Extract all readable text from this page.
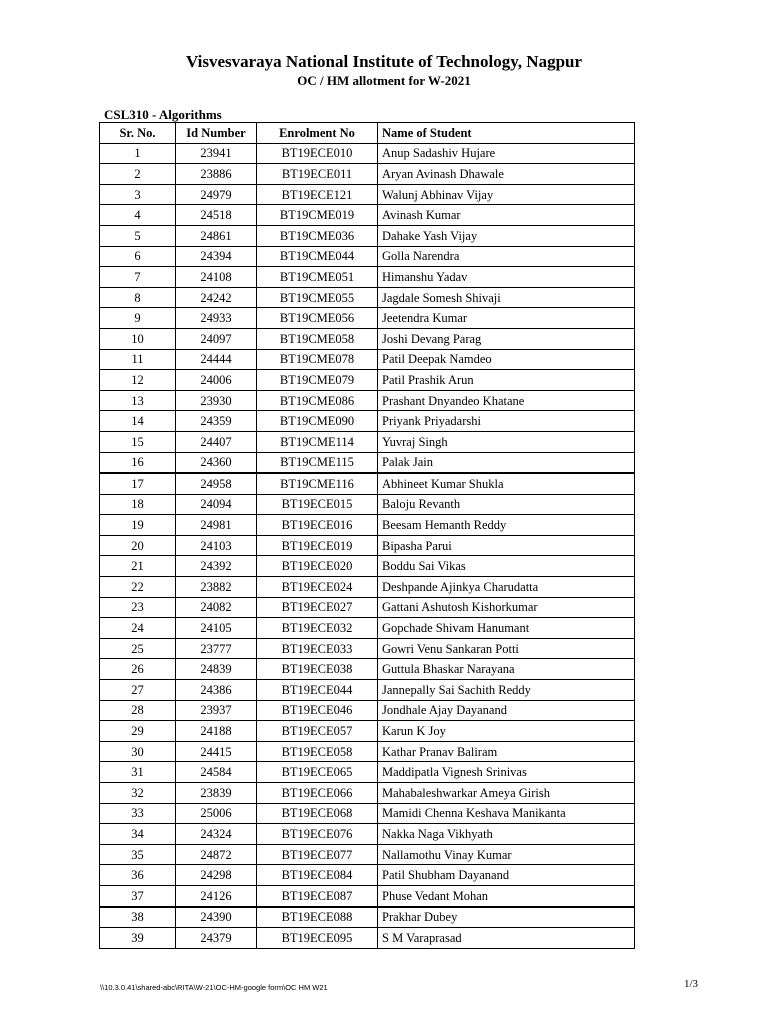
Visvesvaraya National Institute of Technology, Nagpur
OC / HM allotment for W-2021
CSL310 - Algorithms
Sr. No.	Id Number	Enrolment No	Name of Student
1	23941	BT19ECE010	Anup Sadashiv Hujare
2	23886	BT19ECE011	Aryan Avinash Dhawale
3	24979	BT19ECE121	Walunj Abhinav Vijay
4	24518	BT19CME019	Avinash Kumar
5	24861	BT19CME036	Dahake Yash Vijay
6	24394	BT19CME044	Golla Narendra
7	24108	BT19CME051	Himanshu Yadav
8	24242	BT19CME055	Jagdale Somesh Shivaji
9	24933	BT19CME056	Jeetendra Kumar
10	24097	BT19CME058	Joshi Devang Parag
11	24444	BT19CME078	Patil Deepak Namdeo
12	24006	BT19CME079	Patil Prashik Arun
13	23930	BT19CME086	Prashant Dnyandeo Khatane
14	24359	BT19CME090	Priyank Priyadarshi
15	24407	BT19CME114	Yuvraj Singh
16	24360	BT19CME115	Palak Jain
17	24958	BT19CME116	Abhineet Kumar Shukla
18	24094	BT19ECE015	Baloju Revanth
19	24981	BT19ECE016	Beesam Hemanth Reddy
20	24103	BT19ECE019	Bipasha Parui
21	24392	BT19ECE020	Boddu Sai Vikas
22	23882	BT19ECE024	Deshpande Ajinkya Charudatta
23	24082	BT19ECE027	Gattani Ashutosh Kishorkumar
24	24105	BT19ECE032	Gopchade Shivam Hanumant
25	23777	BT19ECE033	Gowri Venu Sankaran Potti
26	24839	BT19ECE038	Guttula Bhaskar Narayana
27	24386	BT19ECE044	Jannepally Sai Sachith Reddy
28	23937	BT19ECE046	Jondhale Ajay Dayanand
29	24188	BT19ECE057	Karun K Joy
30	24415	BT19ECE058	Kathar Pranav Baliram
31	24584	BT19ECE065	Maddipatla Vignesh Srinivas
32	23839	BT19ECE066	Mahabaleshwarkar Ameya Girish
33	25006	BT19ECE068	Mamidi Chenna Keshava Manikanta
34	24324	BT19ECE076	Nakka Naga Vikhyath
35	24872	BT19ECE077	Nallamothu Vinay Kumar
36	24298	BT19ECE084	Patil Shubham Dayanand
37	24126	BT19ECE087	Phuse Vedant Mohan
38	24390	BT19ECE088	Prakhar Dubey
39	24379	BT19ECE095	S M Varaprasad
\\10.3.0.41\shared-abc\RITA\W-21\OC-HM-google form\OC HM W21	1/3
